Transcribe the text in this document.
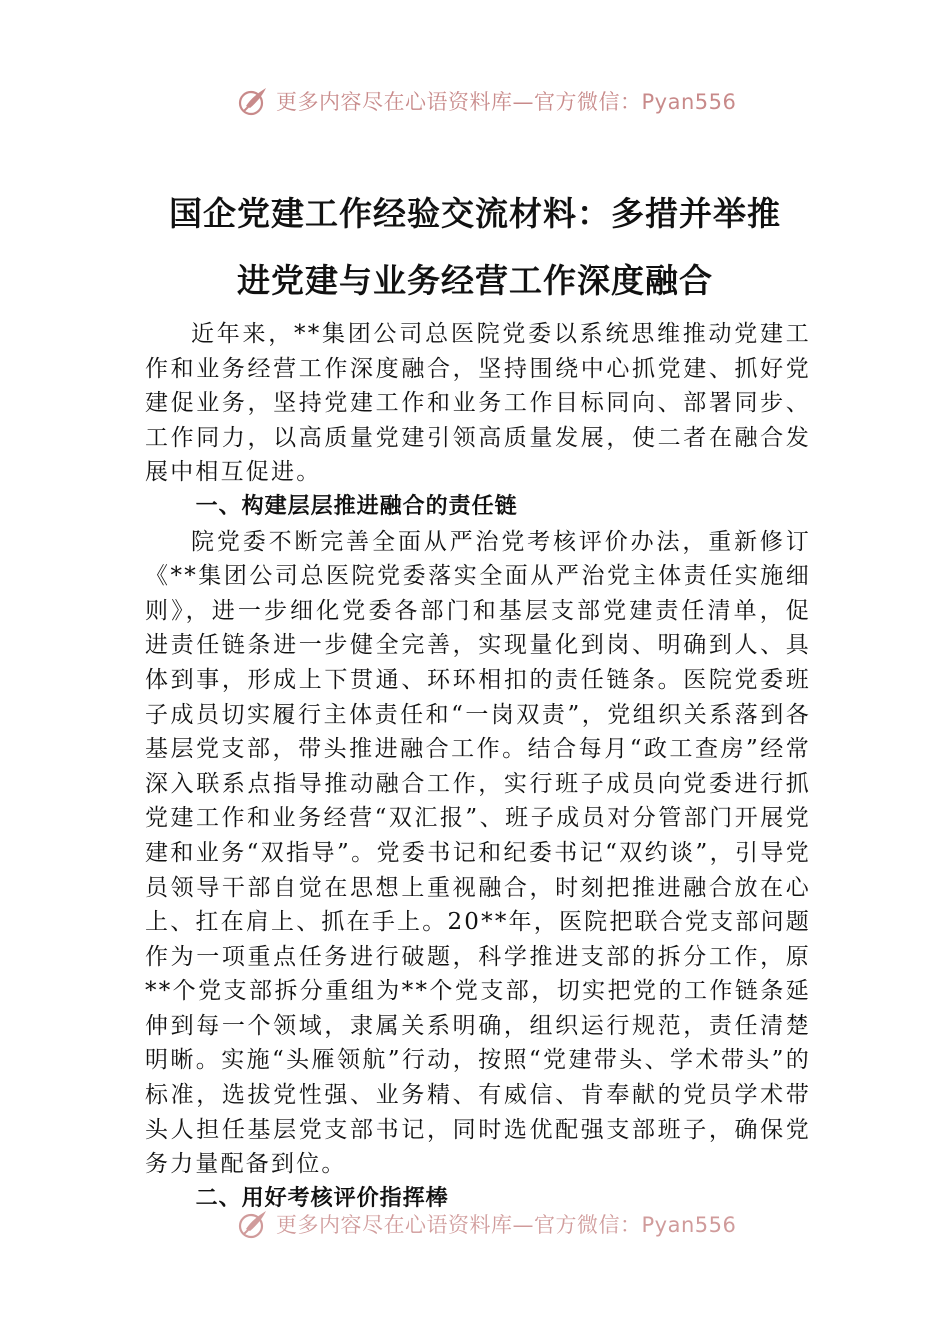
更多内容尽在心语资料库—官方微信：Pyan556
国企党建工作经验交流材料：多措并举推
进党建与业务经营工作深度融合

近年来，**集团公司总医院党委以系统思维推动党建工作和业务经营工作深度融合，坚持围绕中心抓党建、抓好党建促业务，坚持党建工作和业务工作目标同向、部署同步、工作同力，以高质量党建引领高质量发展，使二者在融合发展中相互促进。

一、构建层层推进融合的责任链

院党委不断完善全面从严治党考核评价办法，重新修订《**集团公司总医院党委落实全面从严治党主体责任实施细则》，进一步细化党委各部门和基层支部党建责任清单，促进责任链条进一步健全完善，实现量化到岗、明确到人、具体到事，形成上下贯通、环环相扣的责任链条。医院党委班子成员切实履行主体责任和“一岗双责”，党组织关系落到各基层党支部，带头推进融合工作。结合每月“政工查房”经常深入联系点指导推动融合工作，实行班子成员向党委进行抓党建工作和业务经营“双汇报”、班子成员对分管部门开展党建和业务“双指导”。党委书记和纪委书记“双约谈”，引导党员领导干部自觉在思想上重视融合，时刻把推进融合放在心上、扛在肩上、抓在手上。20**年，医院把联合党支部问题作为一项重点任务进行破题，科学推进支部的拆分工作，原**个党支部拆分重组为**个党支部，切实把党的工作链条延伸到每一个领域，隶属关系明确，组织运行规范，责任清楚明晰。实施“头雁领航”行动，按照“党建带头、学术带头”的标准，选拔党性强、业务精、有威信、肯奉献的党员学术带头人担任基层党支部书记，同时选优配强支部班子，确保党务力量配备到位。

二、用好考核评价指挥棒

更多内容尽在心语资料库—官方微信：Pyan556
